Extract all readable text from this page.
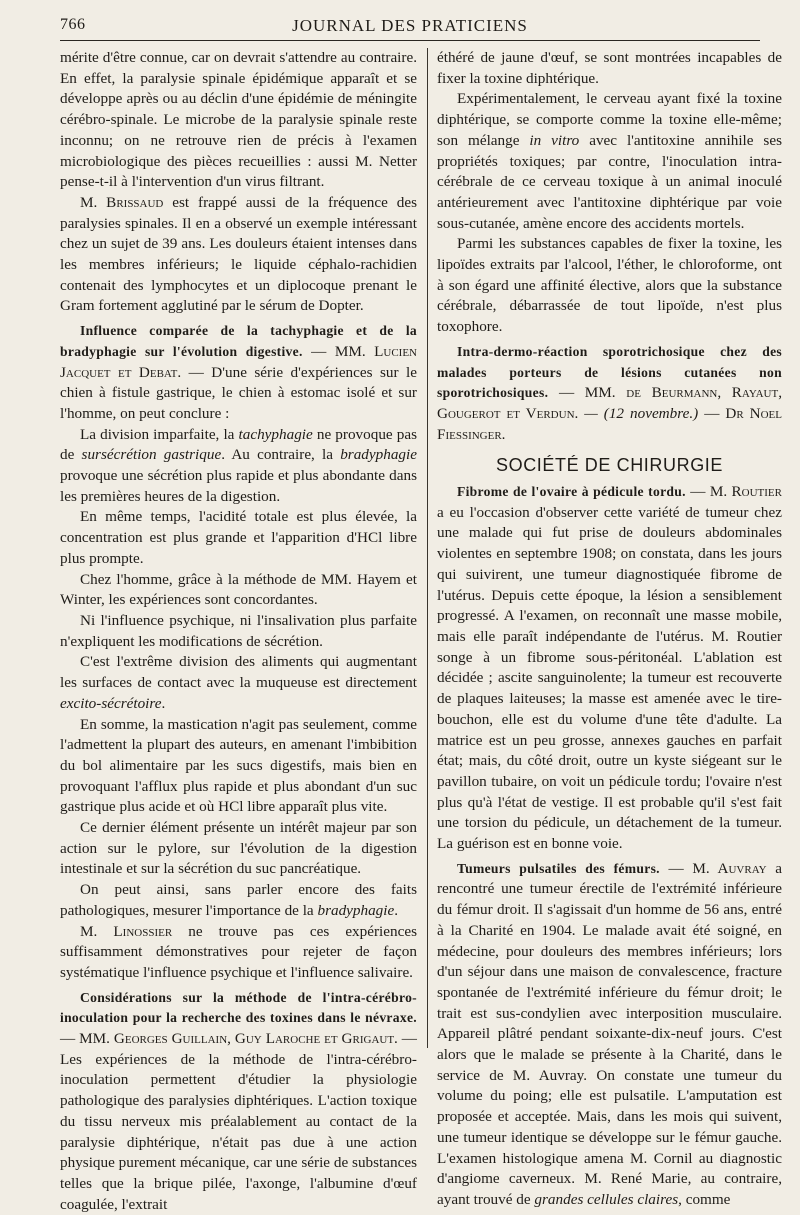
766	JOURNAL DES PRATICIENS

mérite d'être connue, car on devrait s'attendre au contraire. En effet, la paralysie spinale épidémique apparaît et se développe après ou au déclin d'une épidémie de méningite cérébro-spinale. Le microbe de la paralysie spinale reste inconnu; on ne retrouve rien de précis à l'examen microbiologique des pièces recueillies : aussi M. Netter pense-t-il à l'intervention d'un virus filtrant.

M. Brissaud est frappé aussi de la fréquence des paralysies spinales. Il en a observé un exemple intéressant chez un sujet de 39 ans. Les douleurs étaient intenses dans les membres inférieurs; le liquide céphalo-rachidien contenait des lymphocytes et un diplocoque prenant le Gram fortement agglutiné par le sérum de Dopter.

Influence comparée de la tachyphagie et de la bradyphagie sur l'évolution digestive. — MM. Lucien Jacquet et Debat. — D'une série d'expériences sur le chien à fistule gastrique, le chien à estomac isolé et sur l'homme, on peut conclure :

La division imparfaite, la tachyphagie ne provoque pas de sursécrétion gastrique. Au contraire, la bradyphagie provoque une sécrétion plus rapide et plus abondante dans les premières heures de la digestion.

En même temps, l'acidité totale est plus élevée, la concentration est plus grande et l'apparition d'HCl libre plus prompte.

Chez l'homme, grâce à la méthode de MM. Hayem et Winter, les expériences sont concordantes.

Ni l'influence psychique, ni l'insalivation plus parfaite n'expliquent les modifications de sécrétion.

C'est l'extrême division des aliments qui augmentant les surfaces de contact avec la muqueuse est directement excito-sécrétoire.

En somme, la mastication n'agit pas seulement, comme l'admettent la plupart des auteurs, en amenant l'imbibition du bol alimentaire par les sucs digestifs, mais bien en provoquant l'afflux plus rapide et plus abondant d'un suc gastrique plus acide et où HCl libre apparaît plus vite.

Ce dernier élément présente un intérêt majeur par son action sur le pylore, sur l'évolution de la digestion intestinale et sur la sécrétion du suc pancréatique.

On peut ainsi, sans parler encore des faits pathologiques, mesurer l'importance de la bradyphagie.

M. Linossier ne trouve pas ces expériences suffisamment démonstratives pour rejeter de façon systématique l'influence psychique et l'influence salivaire.

Considérations sur la méthode de l'intra-cérébro-inoculation pour la recherche des toxines dans le névraxe. — MM. Georges Guillain, Guy Laroche et Grigaut. — Les expériences de la méthode de l'intra-cérébro-inoculation permettent d'étudier la physiologie pathologique des paralysies diphtériques. L'action toxique du tissu nerveux mis préalablement au contact de la paralysie diphtérique, n'était pas due à une action physique purement mécanique, car une série de substances telles que la brique pilée, l'axonge, l'albumine d'œuf coagulée, l'extrait

éthéré de jaune d'œuf, se sont montrées incapables de fixer la toxine diphtérique.

Expérimentalement, le cerveau ayant fixé la toxine diphtérique, se comporte comme la toxine elle-même; son mélange in vitro avec l'antitoxine annihile ses propriétés toxiques; par contre, l'inoculation intra-cérébrale de ce cerveau toxique à un animal inoculé antérieurement avec l'antitoxine diphtérique par voie sous-cutanée, amène encore des accidents mortels.

Parmi les substances capables de fixer la toxine, les lipoïdes extraits par l'alcool, l'éther, le chloroforme, ont à son égard une affinité élective, alors que la substance cérébrale, débarrassée de tout lipoïde, n'est plus toxophore.

Intra-dermo-réaction sporotrichosique chez des malades porteurs de lésions cutanées non sporotrichosiques. — MM. de Beurmann, Rayaut, Gougerot et Verdun. — (12 novembre.) — Dr Noel Fiessinger.

SOCIÉTÉ DE CHIRURGIE

Fibrome de l'ovaire à pédicule tordu. — M. Routier a eu l'occasion d'observer cette variété de tumeur chez une malade qui fut prise de douleurs abdominales violentes en septembre 1908; on constata, dans les jours qui suivirent, une tumeur diagnostiquée fibrome de l'utérus. Depuis cette époque, la lésion a sensiblement progressé. A l'examen, on reconnaît une masse mobile, mais elle paraît indépendante de l'utérus. M. Routier songe à un fibrome sous-péritonéal. L'ablation est décidée ; ascite sanguinolente; la tumeur est recouverte de plaques laiteuses; la masse est amenée avec le tire-bouchon, elle est du volume d'une tête d'adulte. La matrice est un peu grosse, annexes gauches en parfait état; mais, du côté droit, outre un kyste siégeant sur le pavillon tubaire, on voit un pédicule tordu; l'ovaire n'est plus qu'à l'état de vestige. Il est probable qu'il s'est fait une torsion du pédicule, un détachement de la tumeur. La guérison est en bonne voie.

Tumeurs pulsatiles des fémurs. — M. Auvray a rencontré une tumeur érectile de l'extrémité inférieure du fémur droit. Il s'agissait d'un homme de 56 ans, entré à la Charité en 1904. Le malade avait été soigné, en médecine, pour douleurs des membres inférieurs; lors d'un séjour dans une maison de convalescence, fracture spontanée de l'extrémité inférieure du fémur droit; le trait est sus-condylien avec interposition musculaire. Appareil plâtré pendant soixante-dix-neuf jours. C'est alors que le malade se présente à la Charité, dans le service de M. Auvray. On constate une tumeur du volume du poing; elle est pulsatile. L'amputation est proposée et acceptée. Mais, dans les mois qui suivent, une tumeur identique se développe sur le fémur gauche. L'examen histologique amena M. Cornil au diagnostic d'angiome caverneux. M. René Marie, au contraire, ayant trouvé de grandes cellules claires, comme
